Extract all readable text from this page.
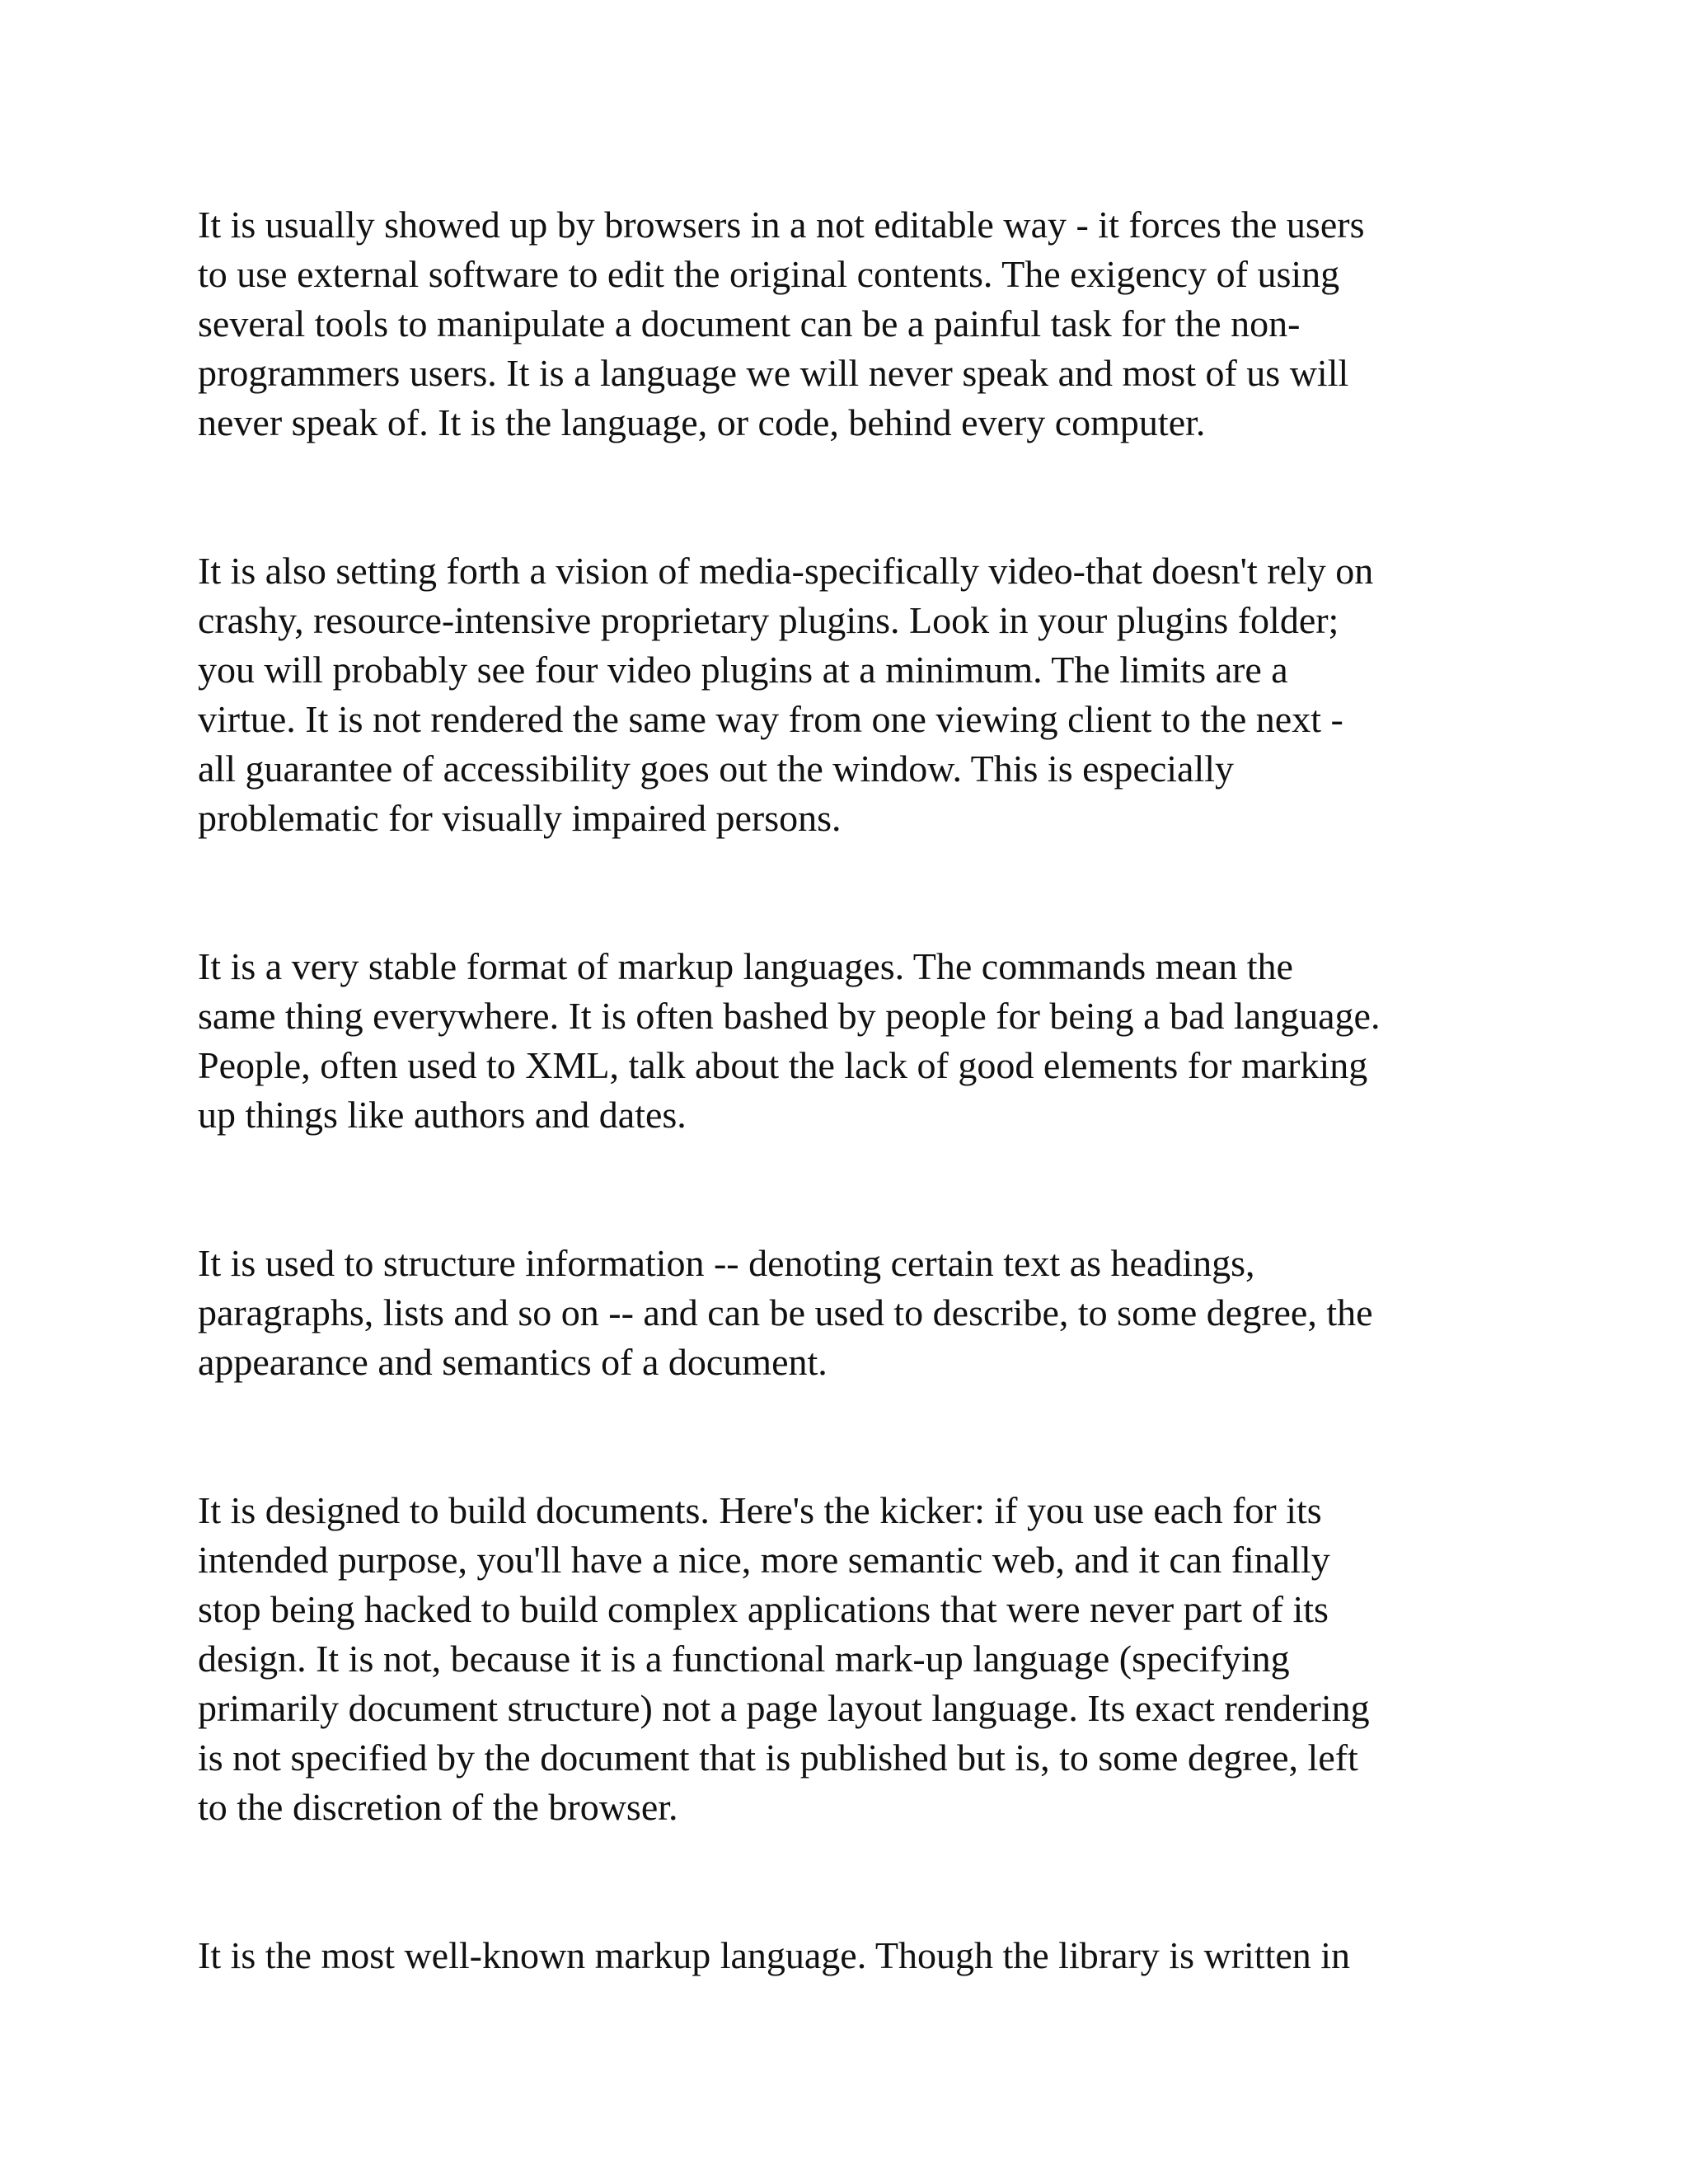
It is usually showed up by browsers in a not editable way - it forces the users

to use external software to edit the original contents. The exigency of using

several tools to manipulate a document can be a painful task for the non-

programmers users. It is a language we will never speak and most of us will

never speak of. It is the language, or code, behind every computer.

It is also setting forth a vision of media-specifically video-that doesn't rely on

crashy, resource-intensive proprietary plugins. Look in your plugins folder;

you will probably see four video plugins at a minimum. The limits are a

virtue. It is not rendered the same way from one viewing client to the next -

all guarantee of accessibility goes out the window. This is especially

problematic for visually impaired persons.

It is a very stable format of markup languages. The commands mean the

same thing everywhere. It is often bashed by people for being a bad language.

People, often used to XML, talk about the lack of good elements for marking

up things like authors and dates.

It is used to structure information -- denoting certain text as headings,

paragraphs, lists and so on -- and can be used to describe, to some degree, the

appearance and semantics of a document.

It is designed to build documents. Here's the kicker: if you use each for its

intended purpose, you'll have a nice, more semantic web, and it can finally

stop being hacked to build complex applications that were never part of its

design. It is not, because it is a functional mark-up language (specifying

primarily document structure) not a page layout language. Its exact rendering

is not specified by the document that is published but is, to some degree, left

to the discretion of the browser.

It is the most well-known markup language. Though the library is written in
